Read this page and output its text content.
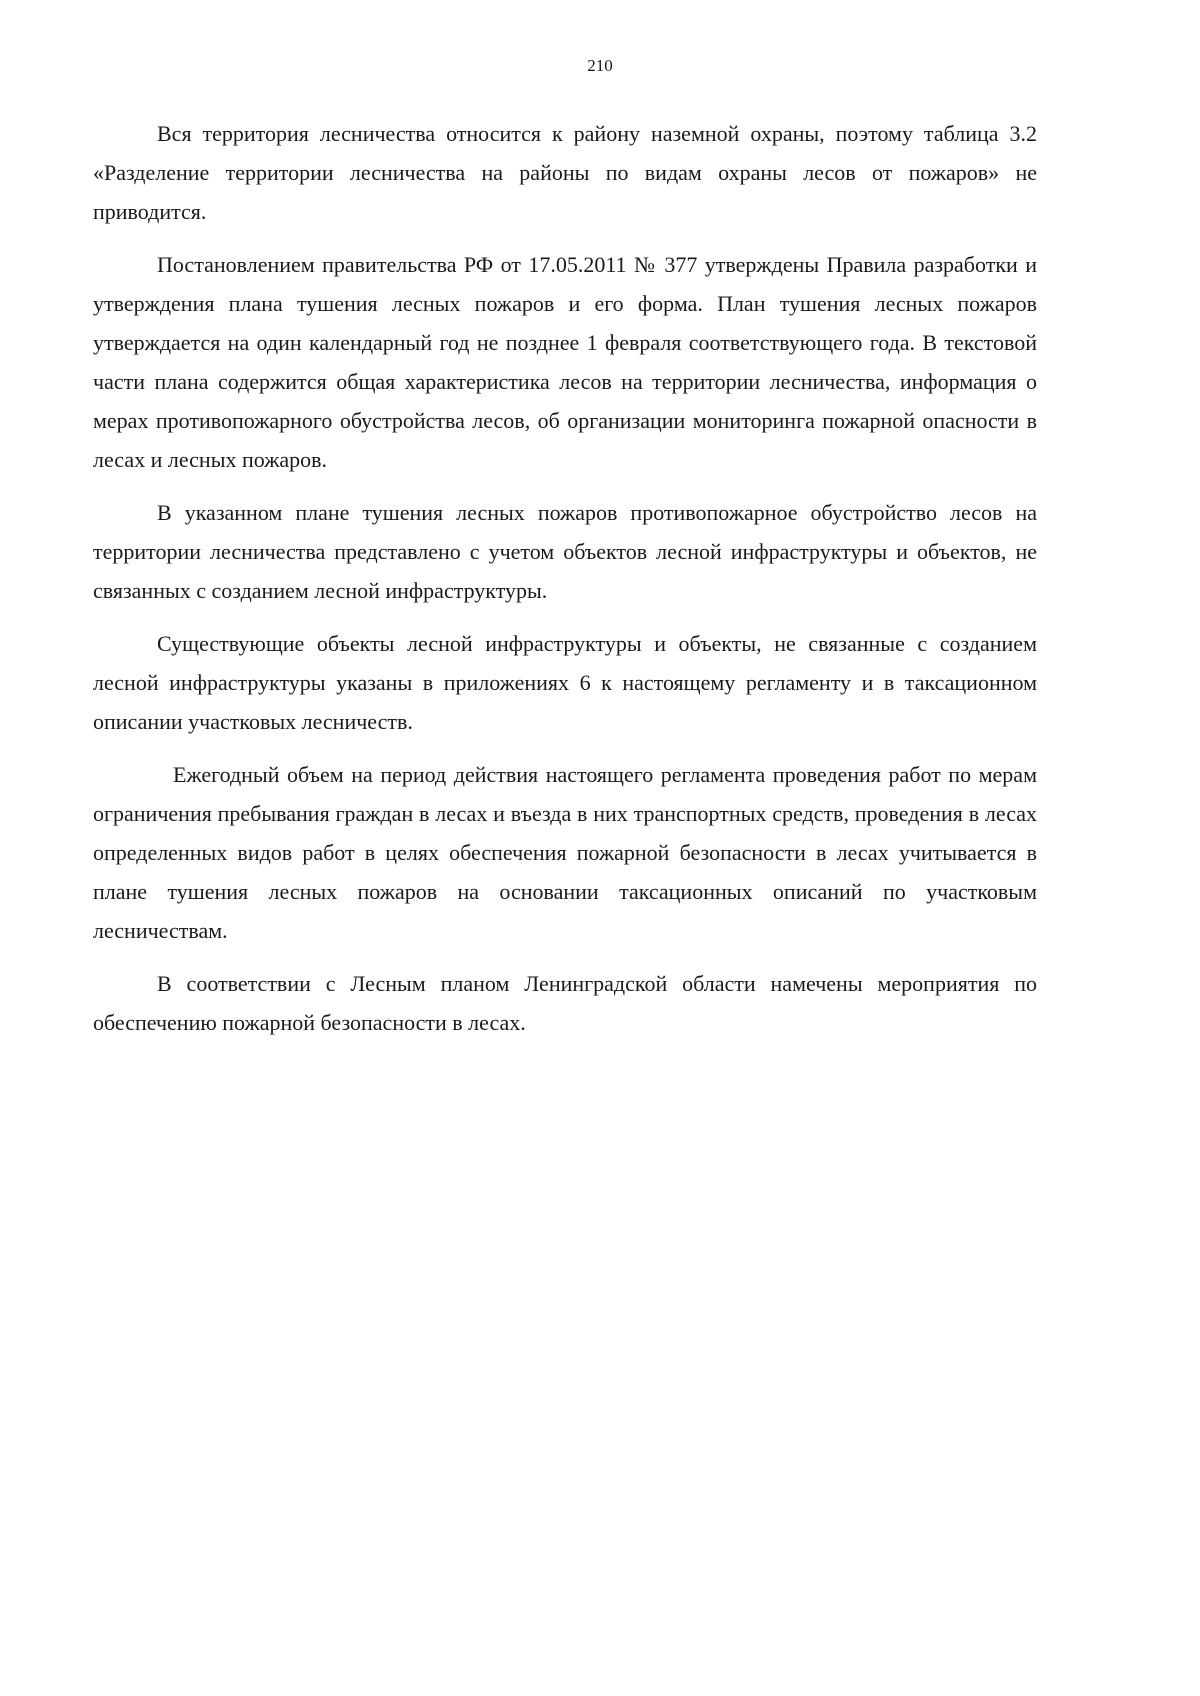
210

Вся территория лесничества относится к району наземной охраны, поэтому таблица 3.2 «Разделение территории лесничества на районы по видам охраны лесов от пожаров» не приводится.

Постановлением правительства РФ от 17.05.2011 № 377 утверждены Правила разработки и утверждения плана тушения лесных пожаров и его форма. План тушения лесных пожаров утверждается на один календарный год не позднее 1 февраля соответствующего года. В текстовой части плана содержится общая характеристика лесов на территории лесничества, информация о мерах противопожарного обустройства лесов, об организации мониторинга пожарной опасности в лесах и лесных пожаров.

В указанном плане тушения лесных пожаров противопожарное обустройство лесов на территории лесничества представлено с учетом объектов лесной инфраструктуры и объектов, не связанных с созданием лесной инфраструктуры.

Существующие объекты лесной инфраструктуры и объекты, не связанные с созданием лесной инфраструктуры указаны в приложениях 6 к настоящему регламенту и в таксационном описании участковых лесничеств.

Ежегодный объем на период действия настоящего регламента проведения работ по мерам ограничения пребывания граждан в лесах и въезда в них транспортных средств, проведения в лесах определенных видов работ в целях обеспечения пожарной безопасности в лесах учитывается в плане тушения лесных пожаров на основании таксационных описаний по участковым лесничествам.

В соответствии с Лесным планом Ленинградской области намечены мероприятия по обеспечению пожарной безопасности в лесах.
